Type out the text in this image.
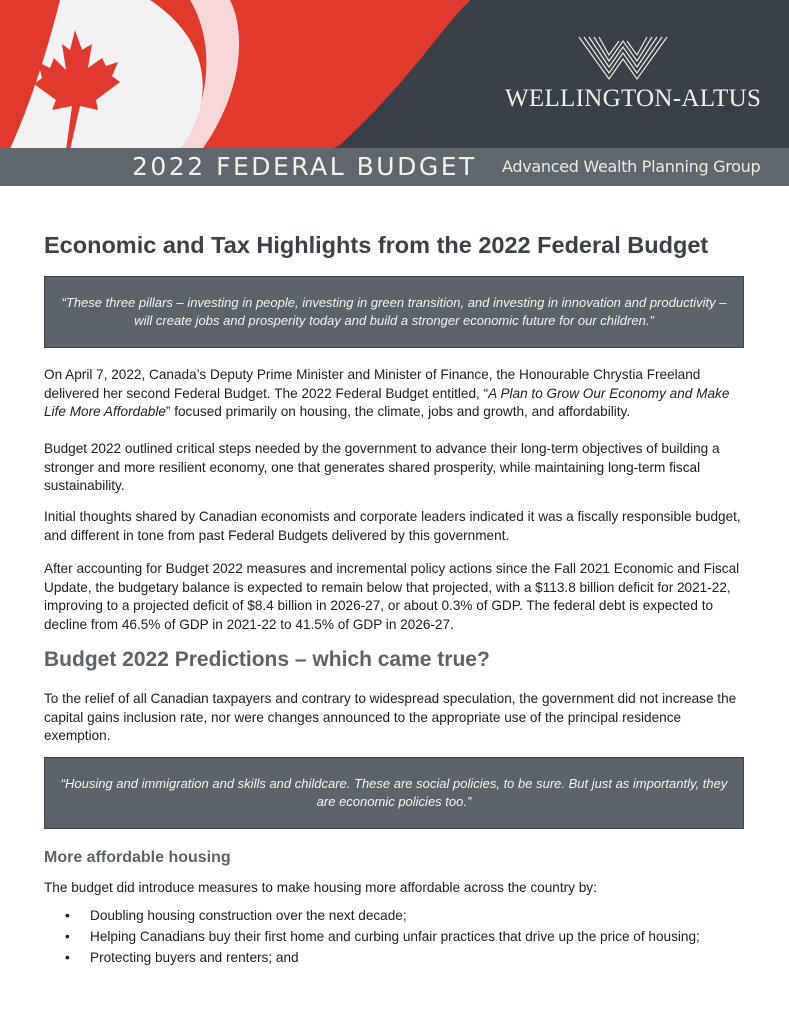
WELLINGTON-ALTUS
2022 FEDERAL BUDGET Advanced Wealth Planning Group
Economic and Tax Highlights from the 2022 Federal Budget
“These three pillars – investing in people, investing in green transition, and investing in innovation and productivity – will create jobs and prosperity today and build a stronger economic future for our children.”

On April 7, 2022, Canada’s Deputy Prime Minister and Minister of Finance, the Honourable Chrystia Freeland delivered her second Federal Budget. The 2022 Federal Budget entitled, “A Plan to Grow Our Economy and Make Life More Affordable” focused primarily on housing, the climate, jobs and growth, and affordability.

Budget 2022 outlined critical steps needed by the government to advance their long-term objectives of building a stronger and more resilient economy, one that generates shared prosperity, while maintaining long-term fiscal sustainability.

Initial thoughts shared by Canadian economists and corporate leaders indicated it was a fiscally responsible budget, and different in tone from past Federal Budgets delivered by this government.

After accounting for Budget 2022 measures and incremental policy actions since the Fall 2021 Economic and Fiscal Update, the budgetary balance is expected to remain below that projected, with a $113.8 billion deficit for 2021-22, improving to a projected deficit of $8.4 billion in 2026-27, or about 0.3% of GDP. The federal debt is expected to decline from 46.5% of GDP in 2021-22 to 41.5% of GDP in 2026-27.

Budget 2022 Predictions – which came true?

To the relief of all Canadian taxpayers and contrary to widespread speculation, the government did not increase the capital gains inclusion rate, nor were changes announced to the appropriate use of the principal residence exemption.

“Housing and immigration and skills and childcare. These are social policies, to be sure. But just as importantly, they are economic policies too.”
More affordable housing

The budget did introduce measures to make housing more affordable across the country by:

• Doubling housing construction over the next decade;
• Helping Canadians buy their first home and curbing unfair practices that drive up the price of housing;
• Protecting buyers and renters; and
